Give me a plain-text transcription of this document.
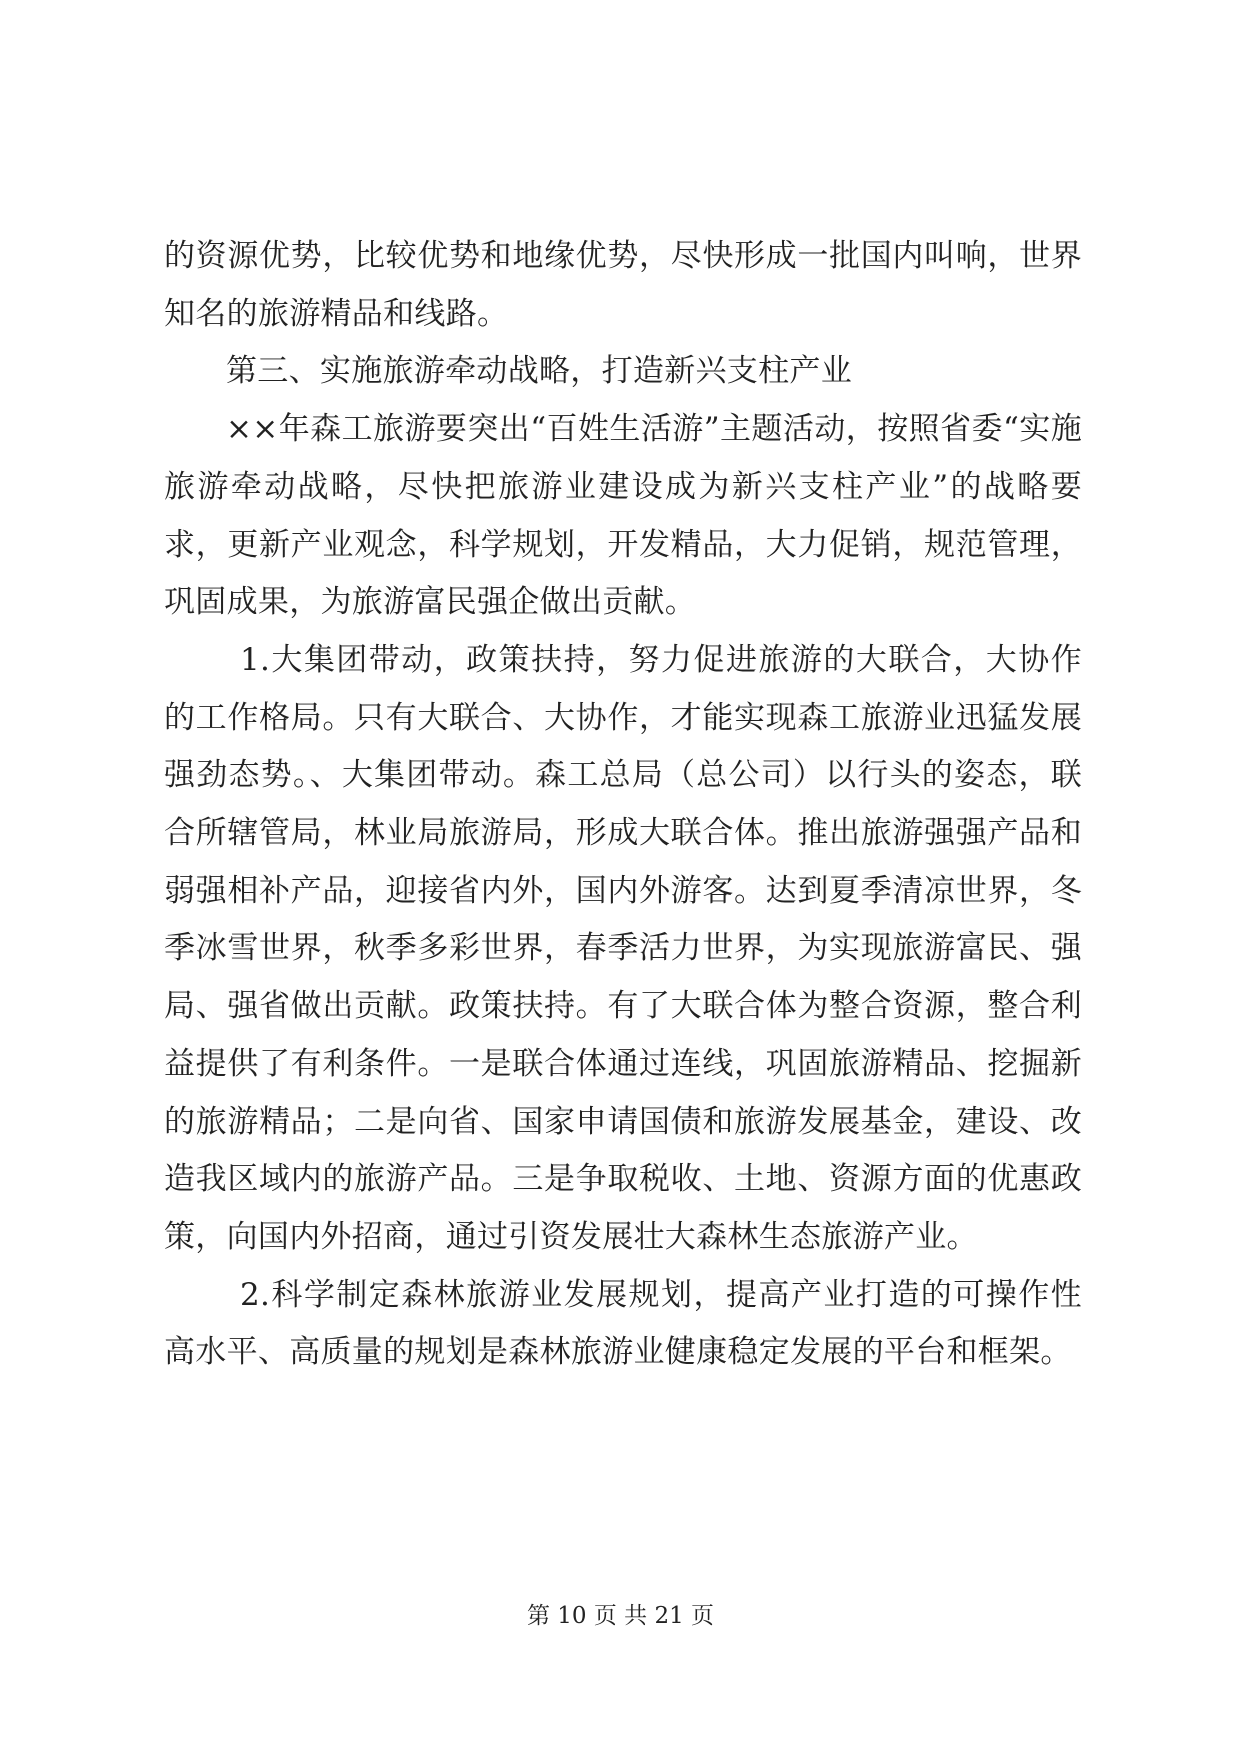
的资源优势，比较优势和地缘优势，尽快形成一批国内叫响，世界知名的旅游精品和线路。

第三、实施旅游牵动战略，打造新兴支柱产业

××年森工旅游要突出“百姓生活游”主题活动，按照省委“实施旅游牵动战略，尽快把旅游业建设成为新兴支柱产业”的战略要求，更新产业观念，科学规划，开发精品，大力促销，规范管理，巩固成果，为旅游富民强企做出贡献。

1.大集团带动，政策扶持，努力促进旅游的大联合，大协作的工作格局。只有大联合、大协作，才能实现森工旅游业迅猛发展强劲态势。、大集团带动。森工总局（总公司）以行头的姿态，联合所辖管局，林业局旅游局，形成大联合体。推出旅游强强产品和弱强相补产品，迎接省内外，国内外游客。达到夏季清凉世界，冬季冰雪世界，秋季多彩世界，春季活力世界，为实现旅游富民、强局、强省做出贡献。政策扶持。有了大联合体为整合资源，整合利益提供了有利条件。一是联合体通过连线，巩固旅游精品、挖掘新的旅游精品；二是向省、国家申请国债和旅游发展基金，建设、改造我区域内的旅游产品。三是争取税收、土地、资源方面的优惠政策，向国内外招商，通过引资发展壮大森林生态旅游产业。

2.科学制定森林旅游业发展规划，提高产业打造的可操作性高水平、高质量的规划是森林旅游业健康稳定发展的平台和框架。

第 10 页 共 21 页
